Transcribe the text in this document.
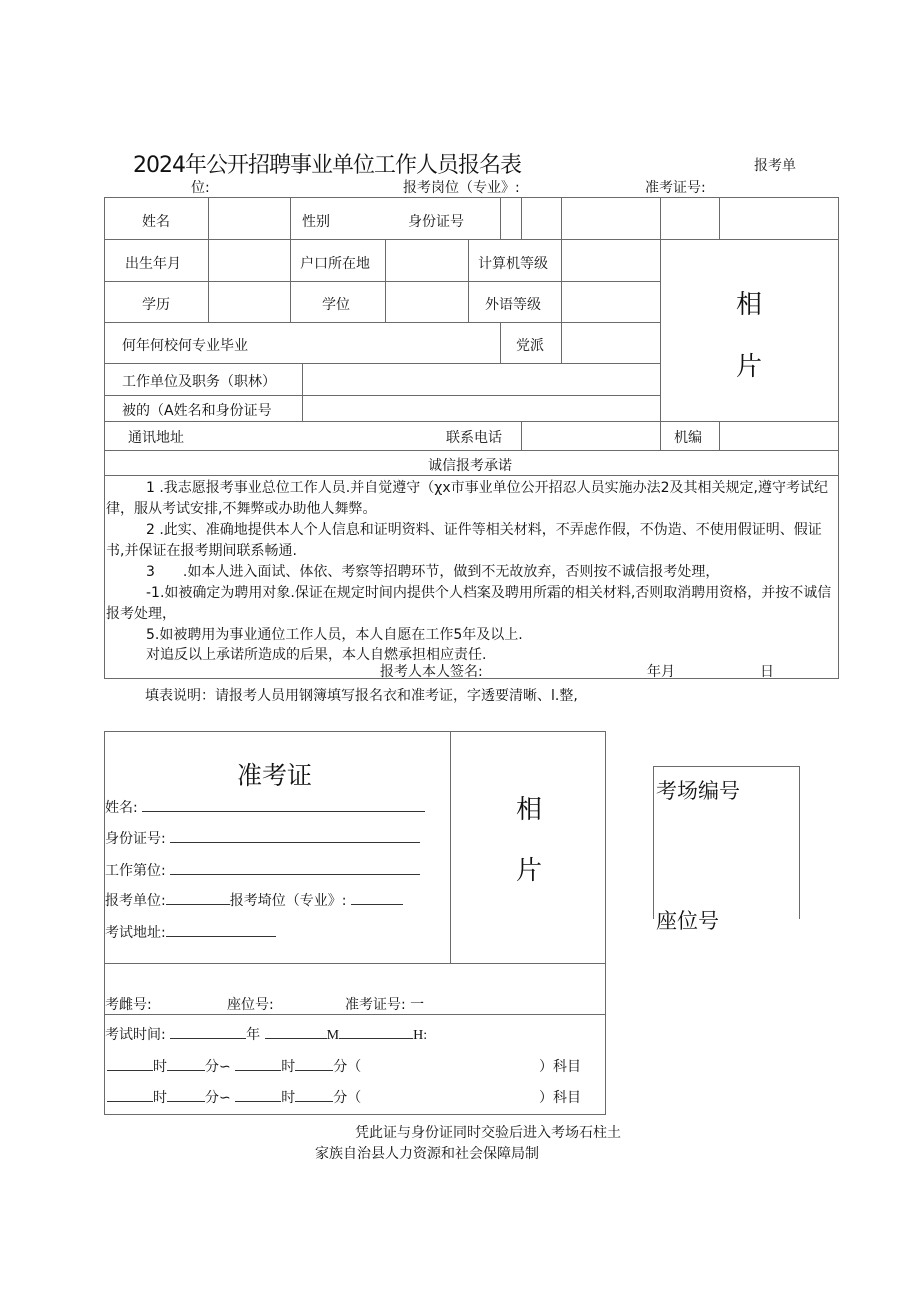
2024年公开招聘事业单位工作人员报名表	报考单
位:	报考岗位（专业》:	准考证号:
姓名	性别	身份证号
出生年月	户口所在地	计算机等级
学历	学位	外语等级
何年何校何专业毕业	党派
工作单位及职务（职林）
被的（A姓名和身份证号
通讯地址	联系电话	机编
相
片
诚信报考承诺
1 .我志愿报考事业总位工作人员.并自觉遵守（χx市事业单位公开招忍人员实施办法2及其相关规定,遵守考试纪律，服从考试安排,不舞弊或办助他人舞弊。
2 .此实、准确地提供本人个人信息和证明资料、证件等相关材料，不弄虑作假，不伪造、不使用假证明、假证书,并保证在报考期间联系畅通.
3　　.如本人进入面试、体依、考察等招聘环节，做到不无故放弃，否则按不诚信报考处理，
-1.如被确定为聘用对象.保证在规定时间内提供个人档案及聘用所霜的相关材料,否则取消聘用资格，并按不诚信报考处理，
5.如被聘用为事业通位工作人员，本人自愿在工作5年及以上.
对追反以上承诺所造成的后果，本人自燃承担相应责任.
报考人本人签名:	年月	日
填表说明：请报考人员用钢簿填写报名衣和准考证，字透要清晰、l.整,
准考证
姓名:
身份证号:
工作第位:
报考单位:	报考埼位（专业》:
考试地址:
相
片
考雌号:	座位号:	准考证号: 一
考试时间:	年	M	H:
时	分∽	时	分（	）科目
时	分∽	时	分（	）科目
凭此证与身份证同时交验后进入考场石柱土
家族自治县人力资源和社会保障局制
考场编号
座位号
